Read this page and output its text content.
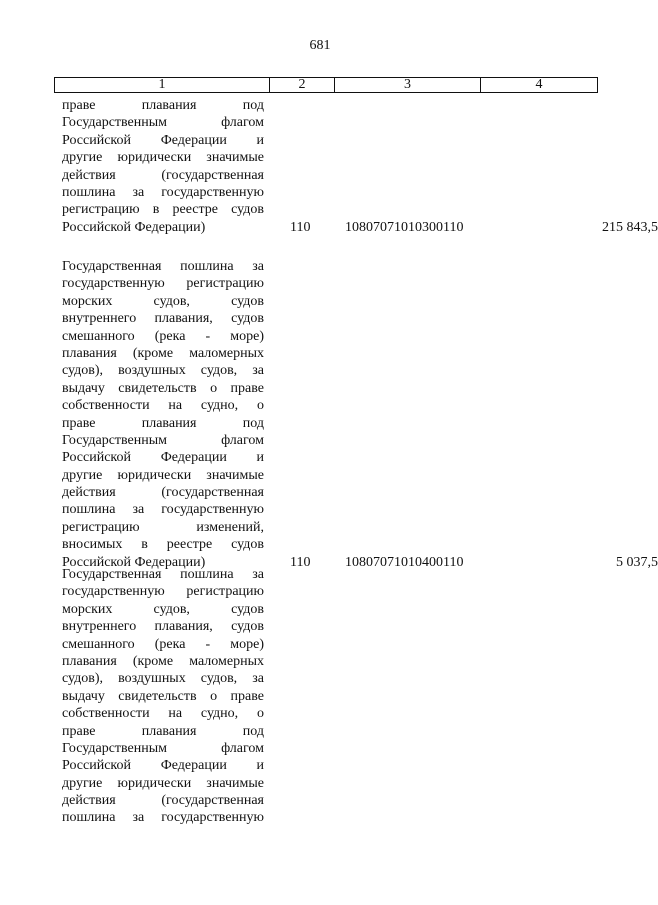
681
1	2	3	4
праве плавания под
Государственным флагом
Российской Федерации и
другие юридически значимые
действия (государственная
пошлина за государственную
регистрацию в реестре судов
Российской Федерации)	110 10807071010300110	215 843,5
Государственная пошлина за
государственную регистрацию
морских судов, судов
внутреннего плавания, судов
смешанного (река - море)
плавания (кроме маломерных
судов), воздушных судов, за
выдачу свидетельств о праве
собственности на судно, о
праве плавания под
Государственным флагом
Российской Федерации и
другие юридически значимые
действия (государственная
пошлина за государственную
регистрацию изменений,
вносимых в реестре судов
Российской Федерации)	110 10807071010400110	5 037,5
Государственная пошлина за
государственную регистрацию
морских судов, судов
внутреннего плавания, судов
смешанного (река - море)
плавания (кроме маломерных
судов), воздушных судов, за
выдачу свидетельств о праве
собственности на судно, о
праве плавания под
Государственным флагом
Российской Федерации и
другие юридически значимые
действия (государственная
пошлина за государственную
